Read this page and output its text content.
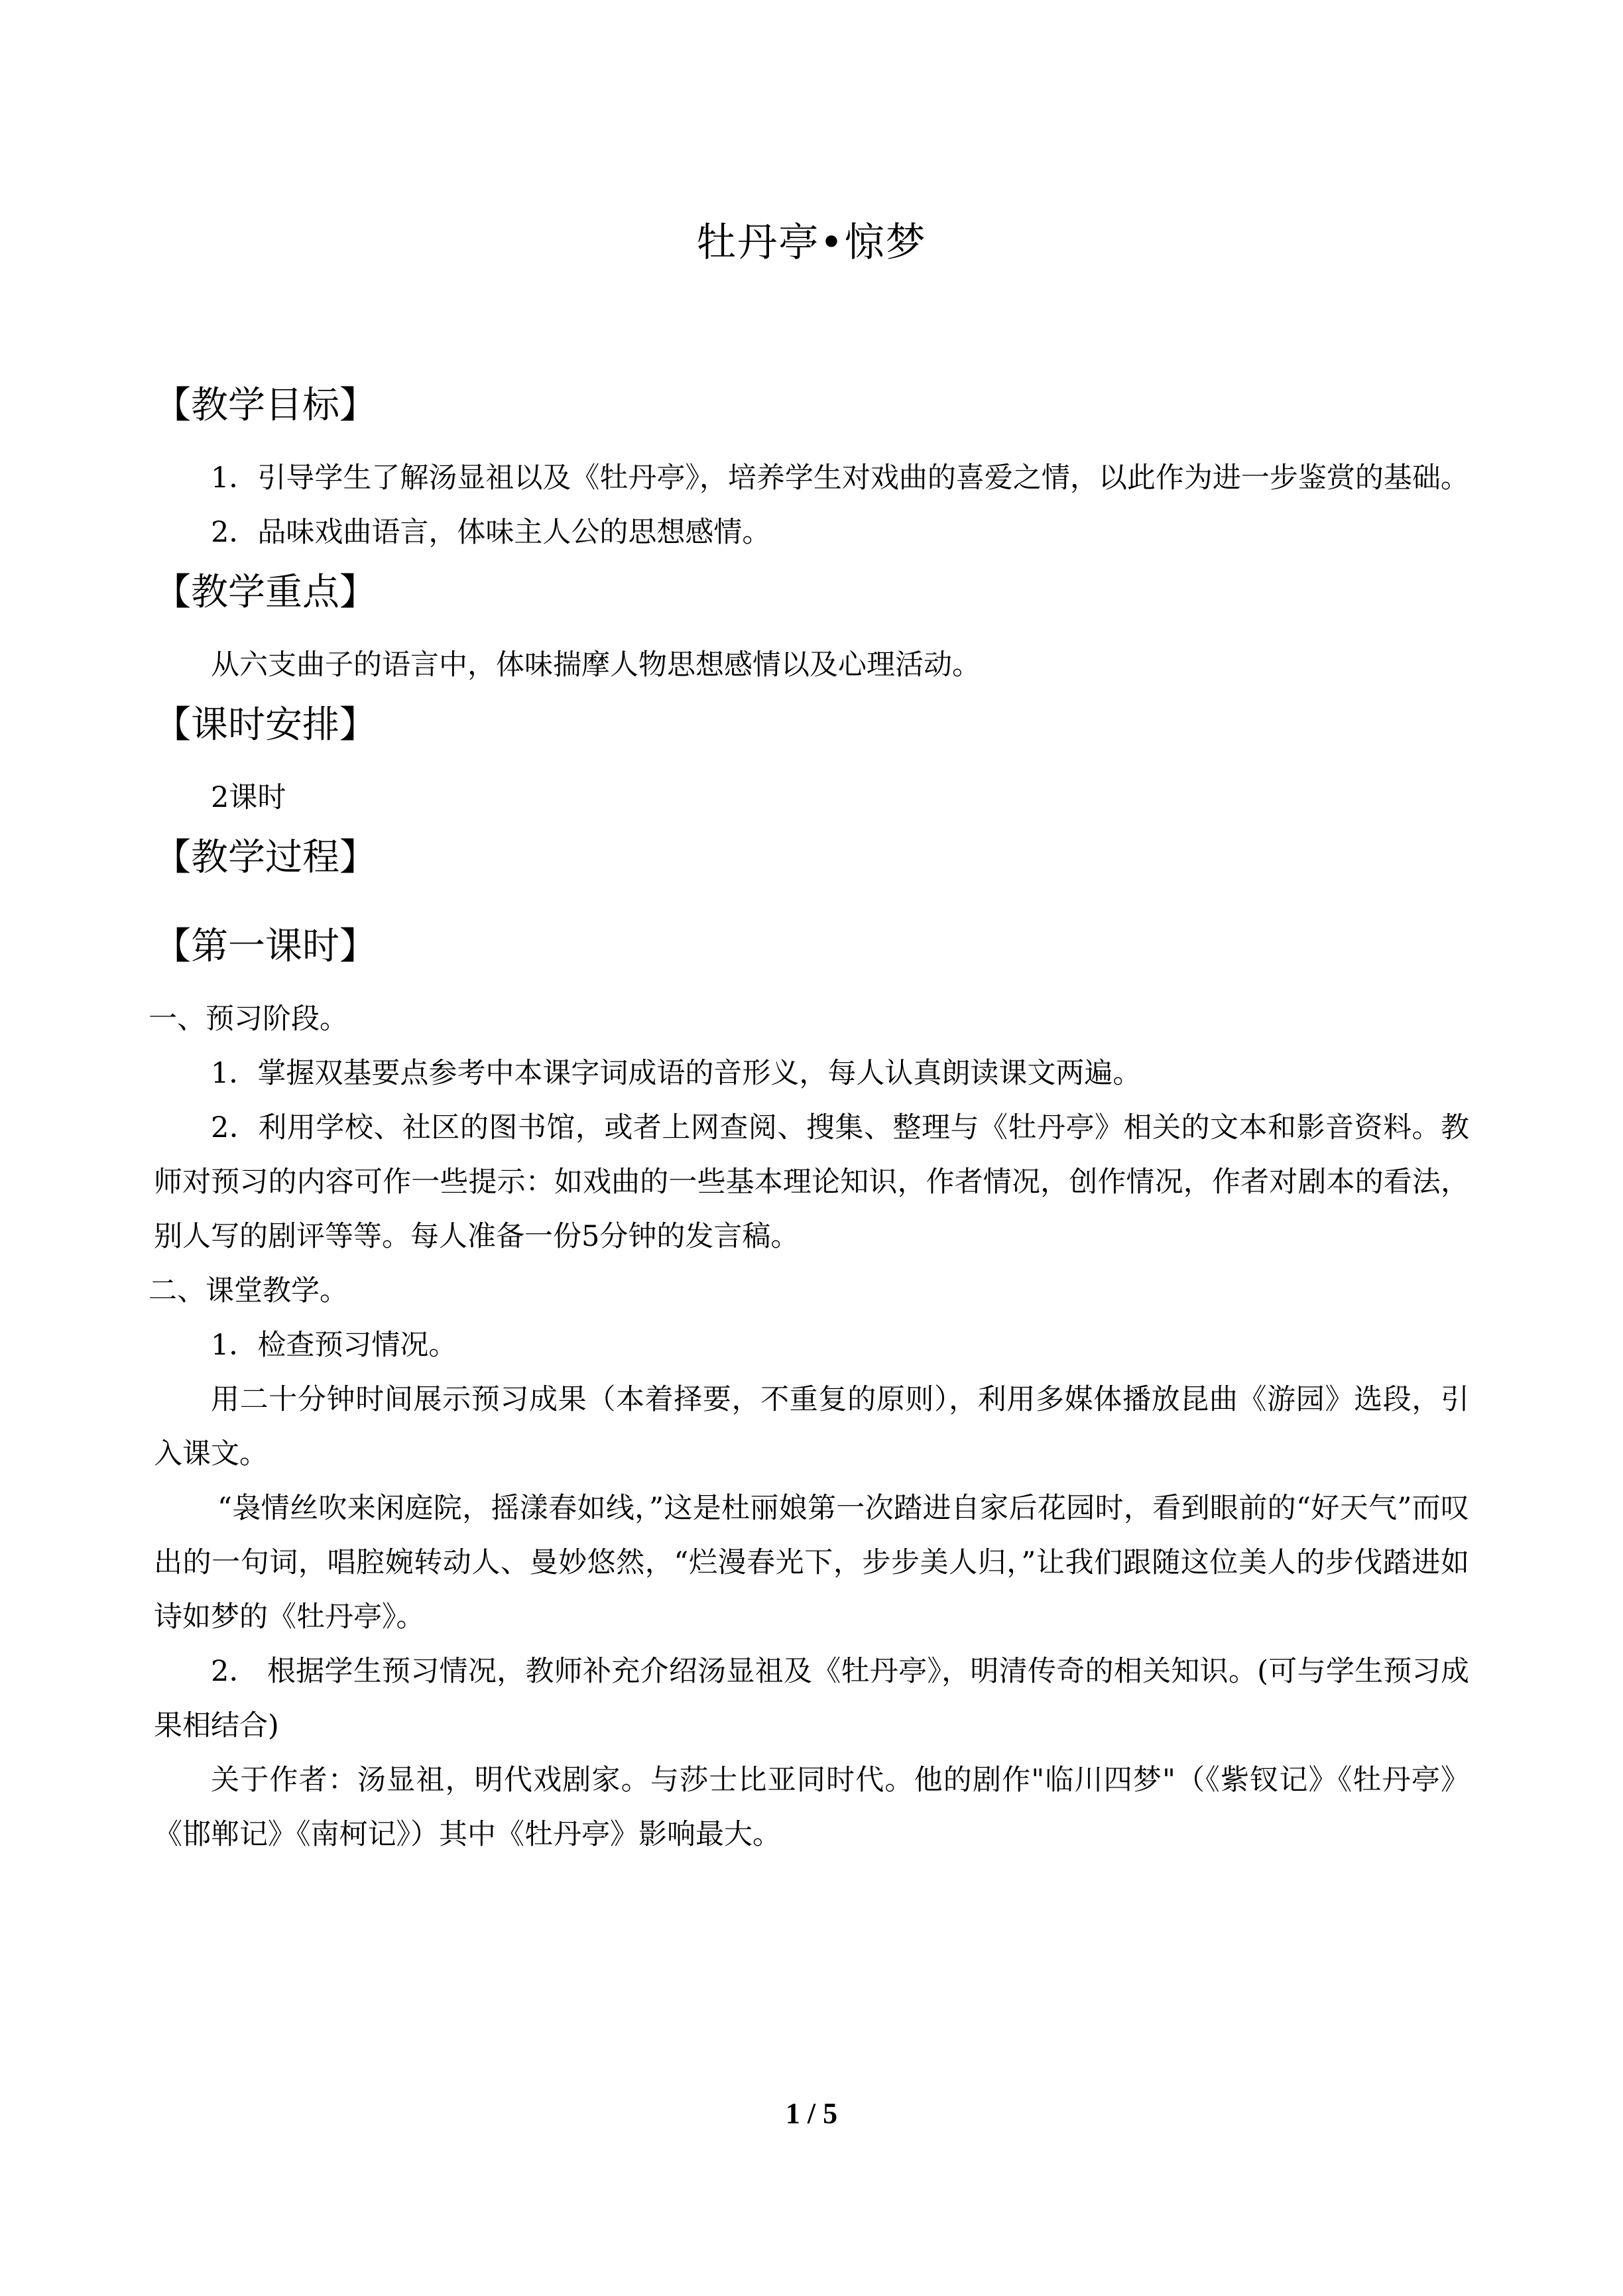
牡丹亭•惊梦

【教学目标】

1．引导学生了解汤显祖以及《牡丹亭》，培养学生对戏曲的喜爱之情，以此作为进一步鉴赏的基础。

2．品味戏曲语言，体味主人公的思想感情。

【教学重点】

从六支曲子的语言中，体味揣摩人物思想感情以及心理活动。

【课时安排】

2课时

【教学过程】

【第一课时】

一、预习阶段。

1．掌握双基要点参考中本课字词成语的音形义，每人认真朗读课文两遍。

2．利用学校、社区的图书馆，或者上网查阅、搜集、整理与《牡丹亭》相关的文本和影音资料。教师对预习的内容可作一些提示：如戏曲的一些基本理论知识，作者情况，创作情况，作者对剧本的看法，别人写的剧评等等。每人准备一份5分钟的发言稿。

二、课堂教学。

1．检查预习情况。

用二十分钟时间展示预习成果（本着择要，不重复的原则），利用多媒体播放昆曲《游园》选段，引入课文。

“袅情丝吹来闲庭院，摇漾春如线，”这是杜丽娘第一次踏进自家后花园时，看到眼前的“好天气”而叹出的一句词，唱腔婉转动人、曼妙悠然，“烂漫春光下，步步美人归，”让我们跟随这位美人的步伐踏进如诗如梦的《牡丹亭》。

2． 根据学生预习情况，教师补充介绍汤显祖及《牡丹亭》，明清传奇的相关知识。(可与学生预习成果相结合)

关于作者：汤显祖，明代戏剧家。与莎士比亚同时代。他的剧作"临川四梦"（《紫钗记》《牡丹亭》《邯郸记》《南柯记》）其中《牡丹亭》影响最大。

1 / 5
